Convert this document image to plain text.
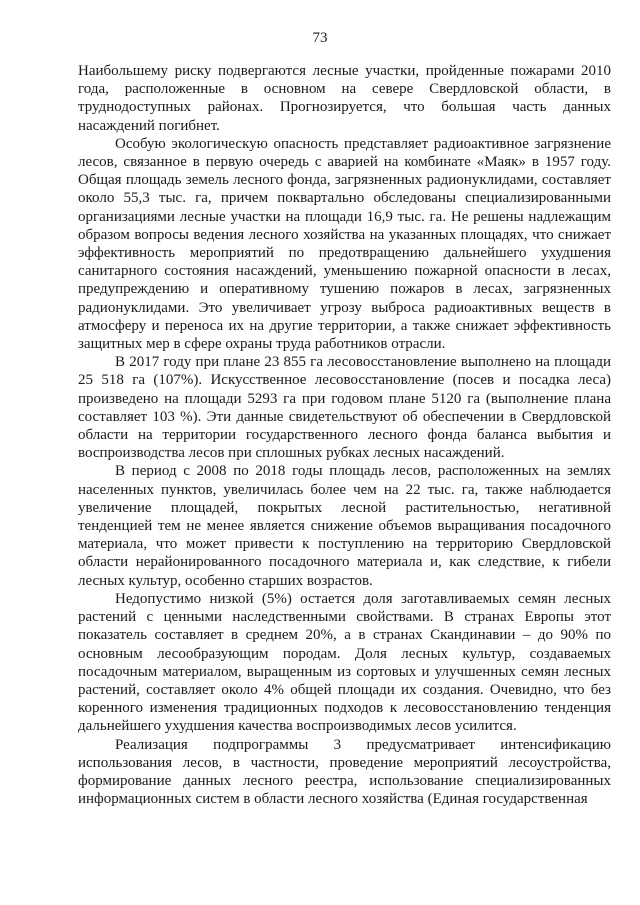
73

Наибольшему риску подвергаются лесные участки, пройденные пожарами 2010 года, расположенные в основном на севере Свердловской области, в труднодоступных районах. Прогнозируется, что большая часть данных насаждений погибнет.

Особую экологическую опасность представляет радиоактивное загрязнение лесов, связанное в первую очередь с аварией на комбинате «Маяк» в 1957 году. Общая площадь земель лесного фонда, загрязненных радионуклидами, составляет около 55,3 тыс. га, причем поквартально обследованы специализированными организациями лесные участки на площади 16,9 тыс. га. Не решены надлежащим образом вопросы ведения лесного хозяйства на указанных площадях, что снижает эффективность мероприятий по предотвращению дальнейшего ухудшения санитарного состояния насаждений, уменьшению пожарной опасности в лесах, предупреждению и оперативному тушению пожаров в лесах, загрязненных радионуклидами. Это увеличивает угрозу выброса радиоактивных веществ в атмосферу и переноса их на другие территории, а также снижает эффективность защитных мер в сфере охраны труда работников отрасли.

В 2017 году при плане 23 855 га лесовосстановление выполнено на площади 25 518 га (107%). Искусственное лесовосстановление (посев и посадка леса) произведено на площади 5293 га при годовом плане 5120 га (выполнение плана составляет 103 %). Эти данные свидетельствуют об обеспечении в Свердловской области на территории государственного лесного фонда баланса выбытия и воспроизводства лесов при сплошных рубках лесных насаждений.

В период с 2008 по 2018 годы площадь лесов, расположенных на землях населенных пунктов, увеличилась более чем на 22 тыс. га, также наблюдается увеличение площадей, покрытых лесной растительностью, негативной тенденцией тем не менее является снижение объемов выращивания посадочного материала, что может привести к поступлению на территорию Свердловской области нерайонированного посадочного материала и, как следствие, к гибели лесных культур, особенно старших возрастов.

Недопустимо низкой (5%) остается доля заготавливаемых семян лесных растений с ценными наследственными свойствами. В странах Европы этот показатель составляет в среднем 20%, а в странах Скандинавии – до 90% по основным лесообразующим породам. Доля лесных культур, создаваемых посадочным материалом, выращенным из сортовых и улучшенных семян лесных растений, составляет около 4% общей площади их создания. Очевидно, что без коренного изменения традиционных подходов к лесовосстановлению тенденция дальнейшего ухудшения качества воспроизводимых лесов усилится.

Реализация подпрограммы 3 предусматривает интенсификацию использования лесов, в частности, проведение мероприятий лесоустройства, формирование данных лесного реестра, использование специализированных информационных систем в области лесного хозяйства (Единая государственная
